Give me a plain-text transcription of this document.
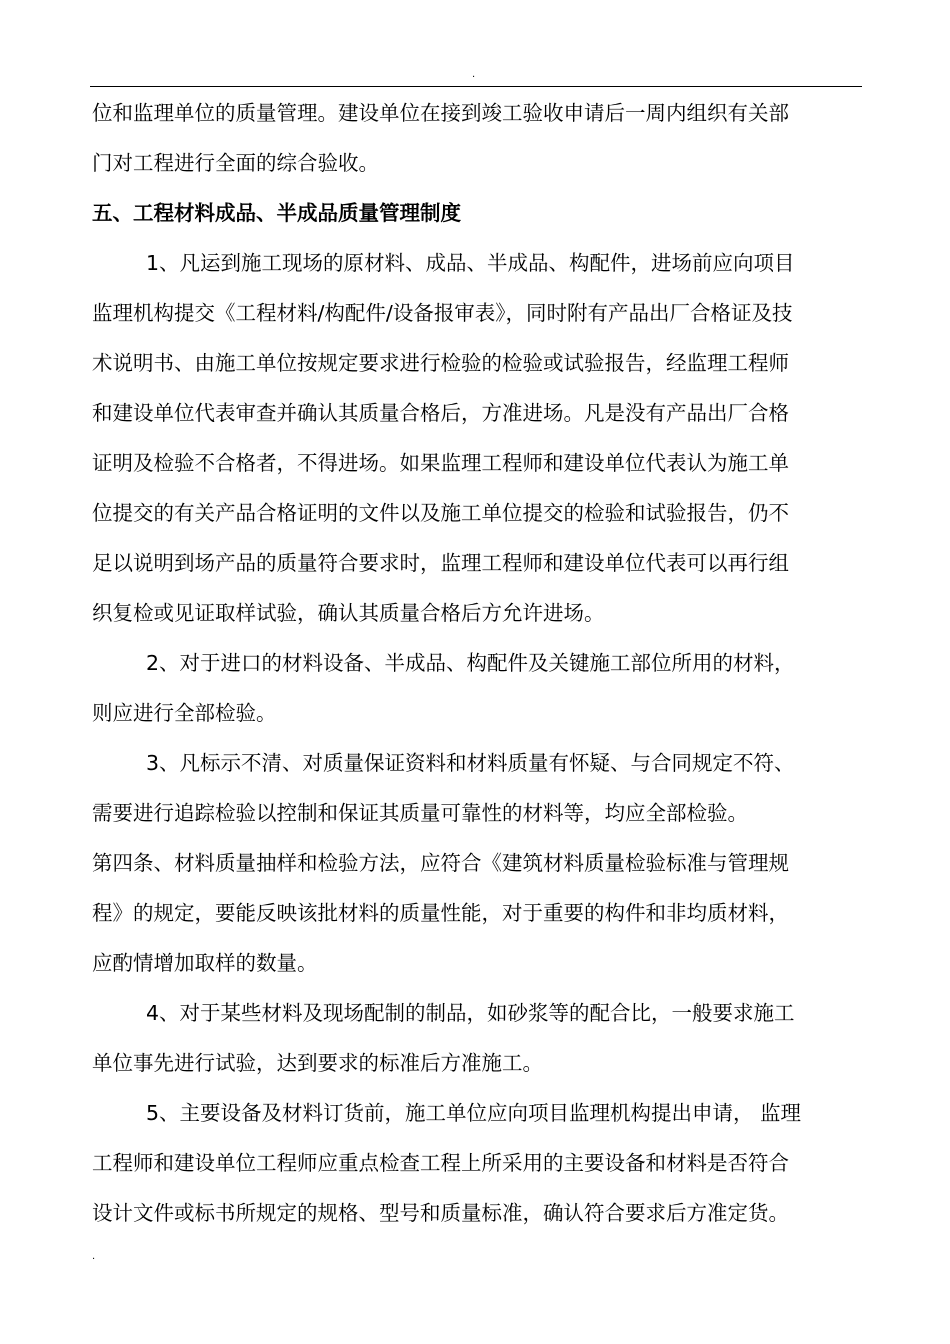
.
位和监理单位的质量管理。建设单位在接到竣工验收申请后一周内组织有关部
门对工程进行全面的综合验收。
五、工程材料成品、半成品质量管理制度
1、凡运到施工现场的原材料、成品、半成品、构配件，进场前应向项目
监理机构提交《工程材料/构配件/设备报审表》，同时附有产品出厂合格证及技
术说明书、由施工单位按规定要求进行检验的检验或试验报告，经监理工程师
和建设单位代表审查并确认其质量合格后，方准进场。凡是没有产品出厂合格
证明及检验不合格者，不得进场。如果监理工程师和建设单位代表认为施工单
位提交的有关产品合格证明的文件以及施工单位提交的检验和试验报告，仍不
足以说明到场产品的质量符合要求时，监理工程师和建设单位代表可以再行组
织复检或见证取样试验，确认其质量合格后方允许进场。
2、对于进口的材料设备、半成品、构配件及关键施工部位所用的材料，
则应进行全部检验。
3、凡标示不清、对质量保证资料和材料质量有怀疑、与合同规定不符、
需要进行追踪检验以控制和保证其质量可靠性的材料等，均应全部检验。
第四条、材料质量抽样和检验方法，应符合《建筑材料质量检验标准与管理规
程》的规定，要能反映该批材料的质量性能，对于重要的构件和非均质材料，
应酌情增加取样的数量。
4、对于某些材料及现场配制的制品，如砂浆等的配合比，一般要求施工
单位事先进行试验，达到要求的标准后方准施工。
5、主要设备及材料订货前，施工单位应向项目监理机构提出申请， 监理
工程师和建设单位工程师应重点检查工程上所采用的主要设备和材料是否符合
设计文件或标书所规定的规格、型号和质量标准，确认符合要求后方准定货。
.
